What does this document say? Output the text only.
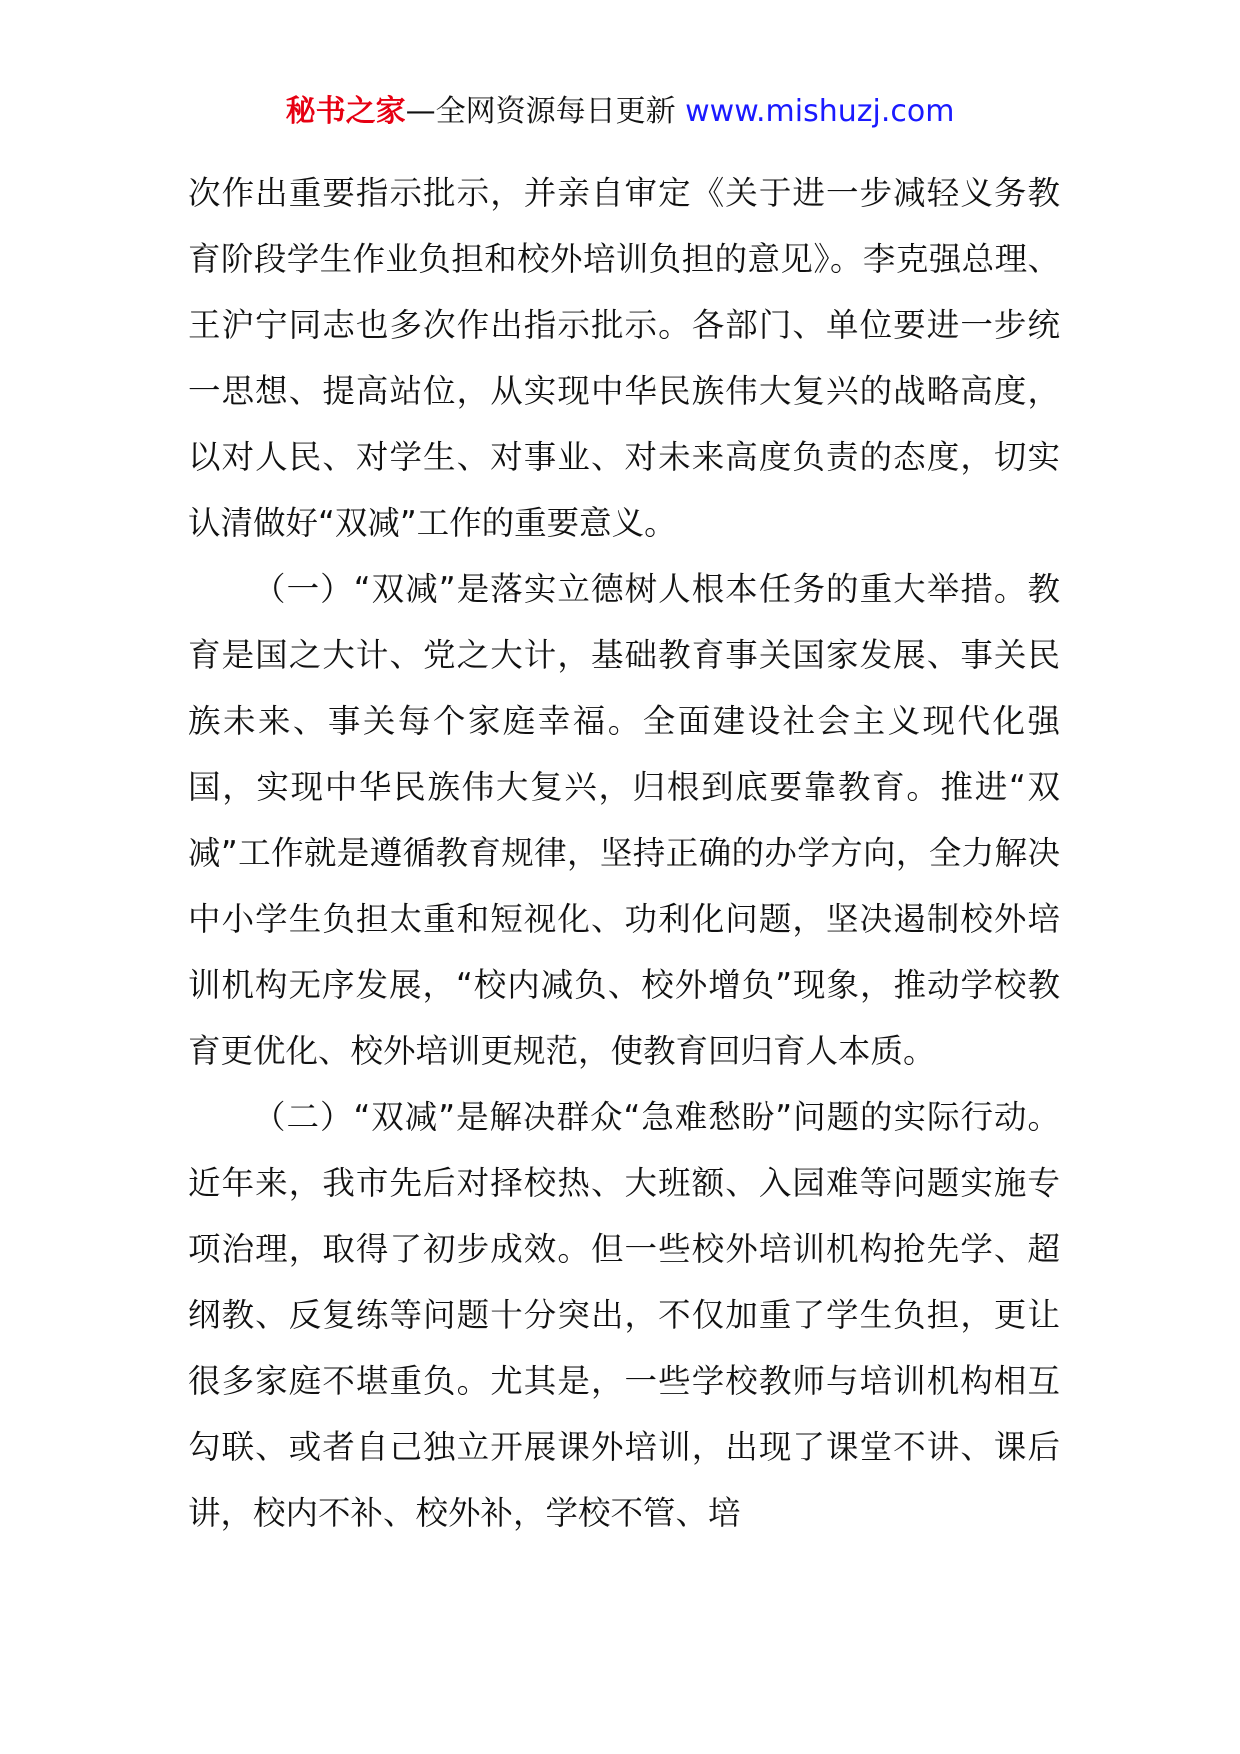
秘书之家—全网资源每日更新 www.mishuzj.com

次作出重要指示批示，并亲自审定《关于进一步减轻义务教育阶段学生作业负担和校外培训负担的意见》。李克强总理、王沪宁同志也多次作出指示批示。各部门、单位要进一步统一思想、提高站位，从实现中华民族伟大复兴的战略高度，以对人民、对学生、对事业、对未来高度负责的态度，切实认清做好“双减”工作的重要意义。

（一）“双减”是落实立德树人根本任务的重大举措。教育是国之大计、党之大计，基础教育事关国家发展、事关民族未来、事关每个家庭幸福。全面建设社会主义现代化强国，实现中华民族伟大复兴，归根到底要靠教育。推进“双减”工作就是遵循教育规律，坚持正确的办学方向，全力解决中小学生负担太重和短视化、功利化问题，坚决遏制校外培训机构无序发展，“校内减负、校外增负”现象，推动学校教育更优化、校外培训更规范，使教育回归育人本质。

（二）“双减”是解决群众“急难愁盼”问题的实际行动。近年来，我市先后对择校热、大班额、入园难等问题实施专项治理，取得了初步成效。但一些校外培训机构抢先学、超纲教、反复练等问题十分突出，不仅加重了学生负担，更让很多家庭不堪重负。尤其是，一些学校教师与培训机构相互勾联、或者自己独立开展课外培训，出现了课堂不讲、课后讲，校内不补、校外补，学校不管、培
